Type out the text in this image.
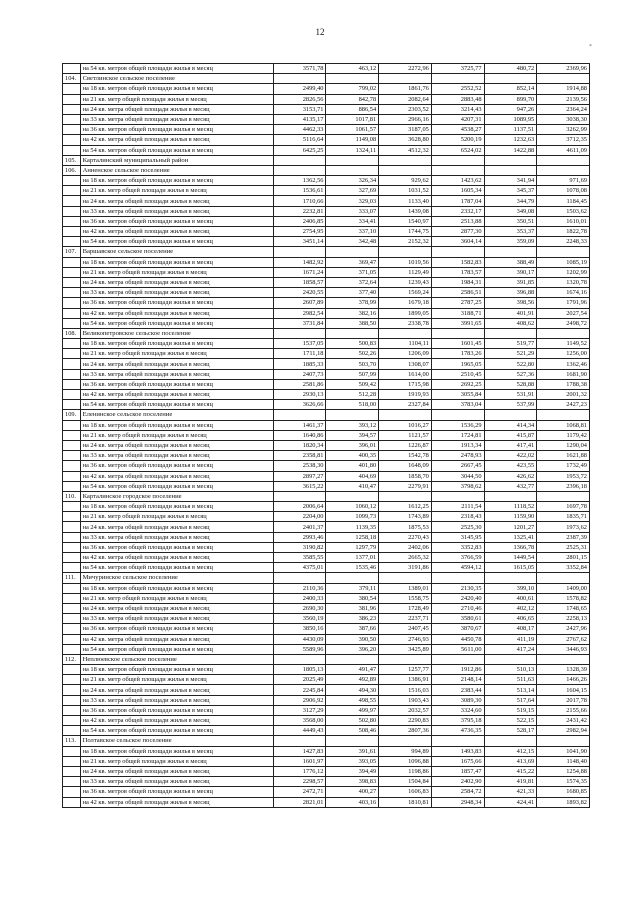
12
*
	на 54 кв. метров общей площади жилья в месяц	3571,78	463,12	2272,96	3725,77	480,72	2369,96
104.	Светлинское сельское поселение						
	на 18 кв. метров общей площади жилья в месяц	2499,40	799,02	1861,76	2552,52	852,14	1914,88
	на 21 кв. метр общей площади жилья в месяц	2826,56	842,78	2082,64	2883,48	899,70	2139,56
	на 24 кв. метра общей площади жилья в месяц	3153,71	886,54	2303,52	3214,43	947,26	2364,24
	на 33 кв. метра общей площади жилья в месяц	4135,17	1017,81	2966,16	4207,31	1089,95	3038,30
	на 36 кв. метров общей площади жилья в месяц	4462,33	1061,57	3187,05	4538,27	1137,51	3262,99
	на 42 кв. метра общей площади жилья в месяц	5116,64	1149,08	3628,80	5200,19	1232,63	3712,35
	на 54 кв. метров общей площади жилья в месяц	6425,25	1324,11	4512,32	6524,02	1422,88	4611,09
105.	Карталинский муниципальный район						
106.	Анненское сельское поселение						
	на 18 кв. метров общей площади жилья в месяц	1362,56	326,34	929,62	1423,62	341,94	971,69
	на 21 кв. метр общей площади жилья в месяц	1536,61	327,69	1031,52	1605,34	345,37	1078,08
	на 24 кв. метра общей площади жилья в месяц	1710,66	329,03	1133,40	1787,04	344,79	1184,45
	на 33 кв. метра общей площади жилья в месяц	2232,81	333,07	1439,08	2332,17	349,08	1503,62
	на 36 кв. метров общей площади жилья в месяц	2406,85	334,41	1540,97	2513,88	350,51	1610,01
	на 42 кв. метра общей площади жилья в месяц	2754,95	337,10	1744,75	2877,30	353,37	1822,78
	на 54 кв. метров общей площади жилья в месяц	3451,14	342,48	2152,32	3604,14	359,09	2248,33
107.	Варшавское сельское поселение						
	на 18 кв. метров общей площади жилья в месяц	1482,92	369,47	1019,56	1582,83	388,49	1085,19
	на 21 кв. метр общей площади жилья в месяц	1671,24	371,05	1129,49	1783,57	390,17	1202,99
	на 24 кв. метра общей площади жилья в месяц	1858,57	372,64	1239,43	1984,31	391,85	1320,78
	на 33 кв. метра общей площади жилья в месяц	2420,55	377,40	1569,24	2586,51	396,88	1674,16
	на 36 кв. метров общей площади жилья в месяц	2607,89	378,99	1679,18	2787,25	398,56	1791,96
	на 42 кв. метра общей площади жилья в месяц	2982,54	382,16	1899,05	3188,71	401,91	2027,54
	на 54 кв. метров общей площади жилья в месяц	3731,84	388,50	2338,78	3991,65	408,62	2498,72
108.	Великопетровское сельское поселение						
	на 18 кв. метров общей площади жилья в месяц	1537,05	500,83	1104,11	1601,45	519,77	1149,52
	на 21 кв. метр общей площади жилья в месяц	1711,18	502,26	1206,09	1783,26	521,29	1256,00
	на 24 кв. метра общей площади жилья в месяц	1885,33	503,70	1308,07	1965,05	522,80	1362,46
	на 33 кв. метра общей площади жилья в месяц	2407,73	507,99	1614,00	2510,45	527,36	1681,90
	на 36 кв. метров общей площади жилья в месяц	2581,86	509,42	1715,98	2692,25	528,88	1788,38
	на 42 кв. метра общей площади жилья в месяц	2930,13	512,28	1919,93	3055,84	531,91	2001,32
	на 54 кв. метров общей площади жилья в месяц	3626,66	518,00	2327,84	3783,04	537,99	2427,23
109.	Еленинское сельское поселение						
	на 18 кв. метров общей площади жилья в месяц	1461,37	393,12	1016,27	1536,29	414,34	1068,81
	на 21 кв. метр общей площади жилья в месяц	1640,86	394,57	1121,57	1724,81	415,87	1179,42
	на 24 кв. метра общей площади жилья в месяц	1820,34	396,01	1226,87	1913,34	417,41	1290,04
	на 33 кв. метра общей площади жилья в месяц	2358,81	400,35	1542,78	2478,93	422,02	1621,88
	на 36 кв. метров общей площади жилья в месяц	2538,30	401,80	1648,09	2667,45	423,55	1732,49
	на 42 кв. метра общей площади жилья в месяц	2897,27	404,69	1858,70	3044,50	426,62	1953,72
	на 54 кв. метров общей площади жилья в месяц	3615,22	410,47	2279,91	3798,62	432,77	2396,18
110.	Карталинское городское поселение						
	на 18 кв. метров общей площади жилья в месяц	2006,64	1060,12	1612,25	2111,54	1118,52	1697,78
	на 21 кв. метр общей площади жилья в месяц	2204,00	1099,73	1743,89	2318,43	1159,90	1835,71
	на 24 кв. метра общей площади жилья в месяц	2401,37	1139,35	1875,53	2525,30	1201,27	1973,62
	на 33 кв. метра общей площади жилья в месяц	2993,46	1258,18	2270,43	3145,95	1325,41	2387,39
	на 36 кв. метров общей площади жилья в месяц	3190,82	1297,79	2402,06	3352,83	1366,78	2525,31
	на 42 кв. метра общей площади жилья в месяц	3585,55	1377,01	2665,32	3766,59	1449,54	2801,15
	на 54 кв. метров общей площади жилья в месяц	4375,01	1535,46	3191,86	4594,12	1615,05	3352,84
111.	Мичуринское сельское поселение						
	на 18 кв. метров общей площади жилья в месяц	2110,36	379,11	1389,01	2130,35	399,10	1409,00
	на 21 кв. метр общей площади жилья в месяц	2400,33	380,54	1558,75	2420,40	400,61	1578,82
	на 24 кв. метра общей площади жилья в месяц	2690,30	381,96	1728,49	2710,46	402,12	1748,65
	на 33 кв. метра общей площади жилья в месяц	3560,19	386,23	2237,71	3580,61	406,65	2258,13
	на 36 кв. метров общей площади жилья в месяц	3850,16	387,66	2407,45	3870,67	408,17	2427,96
	на 42 кв. метра общей площади жилья в месяц	4430,09	390,50	2746,93	4450,78	411,19	2767,62
	на 54 кв. метров общей площади жилья в месяц	5589,96	396,20	3425,89	5611,00	417,24	3446,93
112.	Неплюевское сельское поселение						
	на 18 кв. метров общей площади жилья в месяц	1805,13	491,47	1257,77	1912,86	510,13	1328,39
	на 21 кв. метр общей площади жилья в месяц	2025,49	492,89	1386,91	2148,14	511,63	1466,26
	на 24 кв. метра общей площади жилья в месяц	2245,84	494,30	1516,03	2383,44	513,14	1604,15
	на 33 кв. метра общей площади жилья в месяц	2906,92	498,55	1903,43	3089,30	517,64	2017,78
	на 36 кв. метров общей площади жилья в месяц	3127,29	499,97	2032,57	3324,60	519,15	2155,66
	на 42 кв. метра общей площади жилья в месяц	3568,00	502,80	2290,83	3795,18	522,15	2431,42
	на 54 кв. метров общей площади жилья в месяц	4449,43	508,46	2807,36	4736,35	528,17	2982,94
113.	Полтавское сельское поселение						
	на 18 кв. метров общей площади жилья в месяц	1427,83	391,61	994,89	1493,83	412,15	1041,90
	на 21 кв. метр общей площади жилья в месяц	1601,97	393,05	1096,88	1675,66	413,69	1148,40
	на 24 кв. метра общей площади жилья в месяц	1776,12	394,49	1198,86	1857,47	415,22	1254,88
	на 33 кв. метра общей площади жилья в месяц	2298,57	398,83	1504,84	2402,90	419,81	1574,35
	на 36 кв. метров общей площади жилья в месяц	2472,71	400,27	1606,83	2584,72	421,33	1680,85
	на 42 кв. метра общей площади жилья в месяц	2821,01	403,16	1810,81	2948,34	424,41	1893,82
